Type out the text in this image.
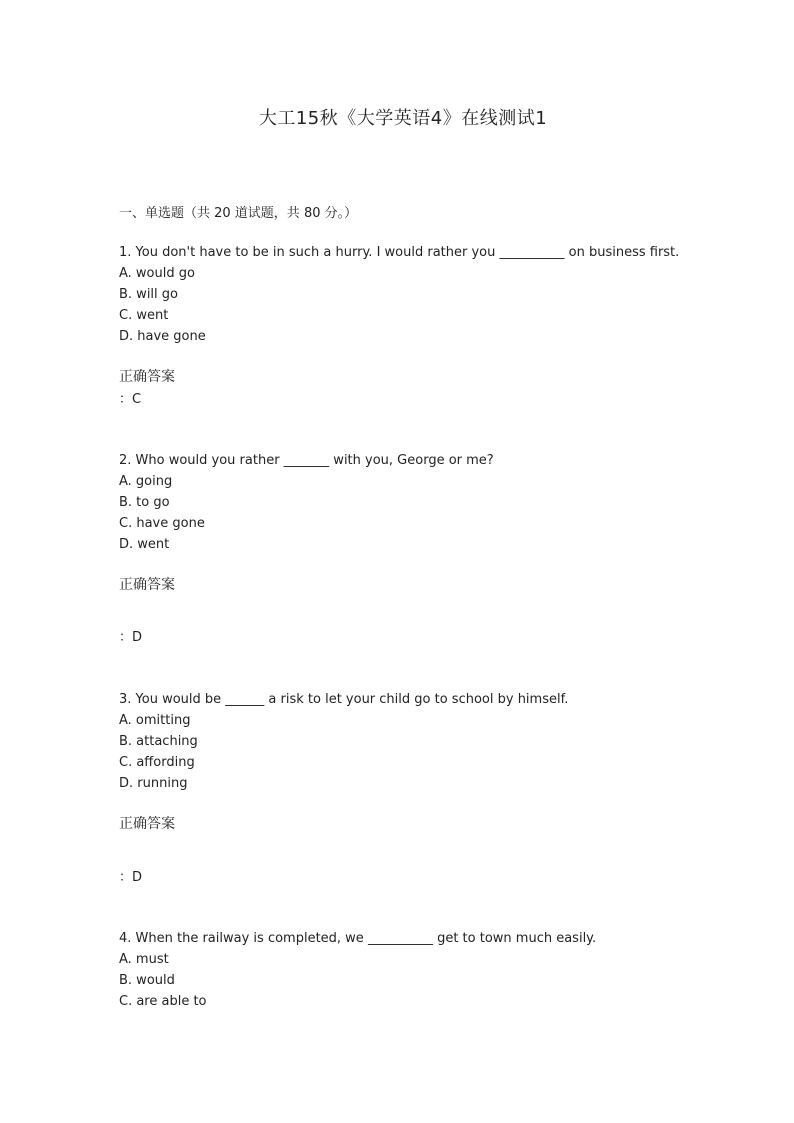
大工15秋《大学英语4》在线测试1
一、单选题（共 20 道试题，共 80 分。）
1. You don't have to be in such a hurry. I would rather you __________ on business first.
A. would go
B. will go
C. went
D. have gone
正确答案
：C
2. Who would you rather _______ with you, George or me?
A. going
B. to go
C. have gone
D. went
正确答案
：D
3. You would be ______ a risk to let your child go to school by himself.
A. omitting
B. attaching
C. affording
D. running
正确答案
：D
4. When the railway is completed, we __________ get to town much easily.
A. must
B. would
C. are able to
